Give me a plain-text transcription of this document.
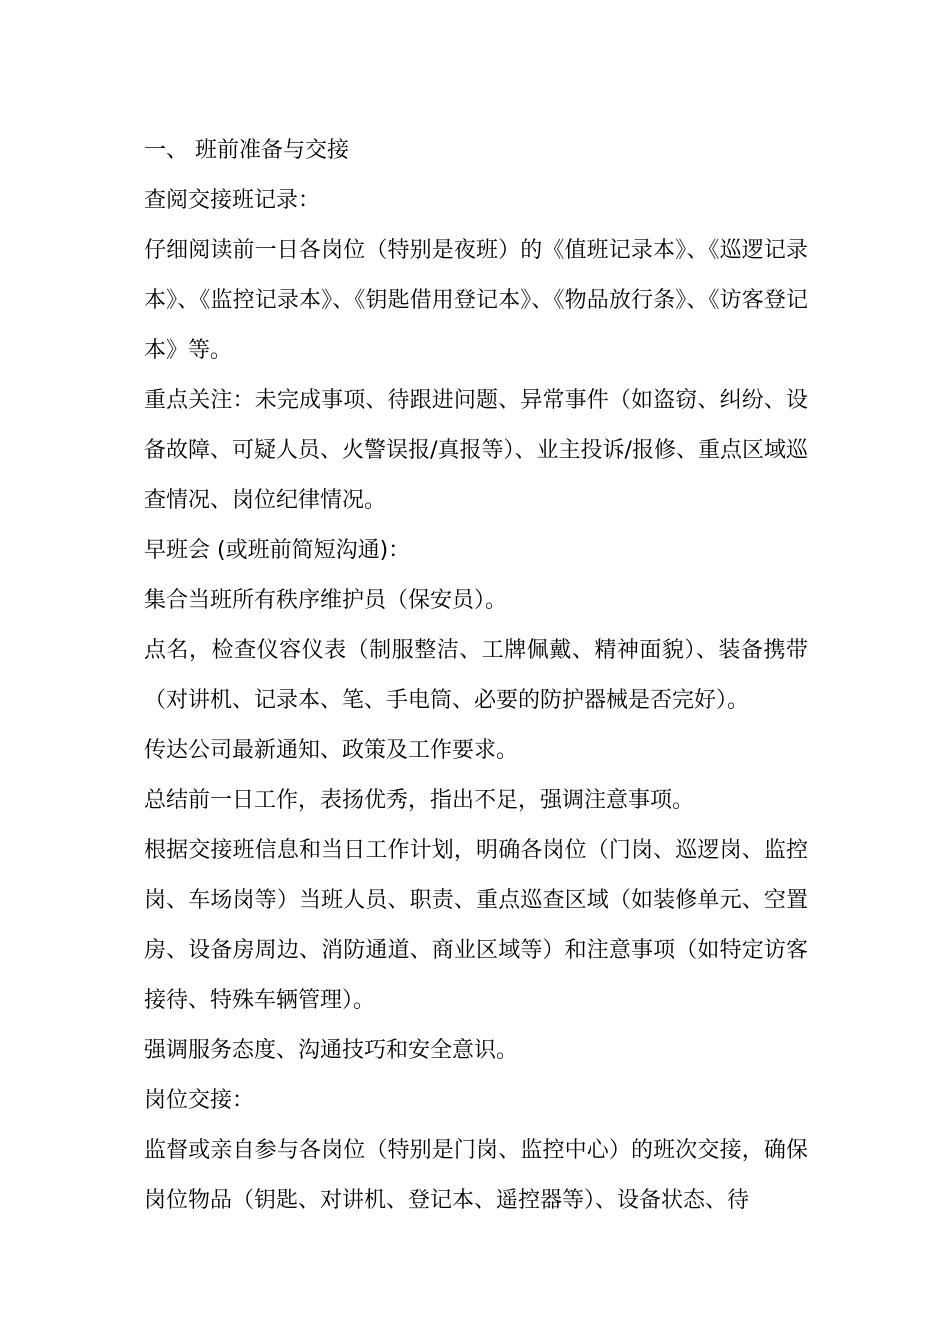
一、 班前准备与交接

查阅交接班记录：

仔细阅读前一日各岗位（特别是夜班）的《值班记录本》、《巡逻记录本》、《监控记录本》、《钥匙借用登记本》、《物品放行条》、《访客登记本》等。

重点关注：未完成事项、待跟进问题、异常事件（如盗窃、纠纷、设备故障、可疑人员、火警误报/真报等）、业主投诉/报修、重点区域巡查情况、岗位纪律情况。

早班会 (或班前简短沟通)：

集合当班所有秩序维护员（保安员）。

点名，检查仪容仪表（制服整洁、工牌佩戴、精神面貌）、装备携带（对讲机、记录本、笔、手电筒、必要的防护器械是否完好）。

传达公司最新通知、政策及工作要求。

总结前一日工作，表扬优秀，指出不足，强调注意事项。

根据交接班信息和当日工作计划，明确各岗位（门岗、巡逻岗、监控岗、车场岗等）当班人员、职责、重点巡查区域（如装修单元、空置房、设备房周边、消防通道、商业区域等）和注意事项（如特定访客接待、特殊车辆管理）。

强调服务态度、沟通技巧和安全意识。

岗位交接：

监督或亲自参与各岗位（特别是门岗、监控中心）的班次交接，确保岗位物品（钥匙、对讲机、登记本、遥控器等）、设备状态、待
